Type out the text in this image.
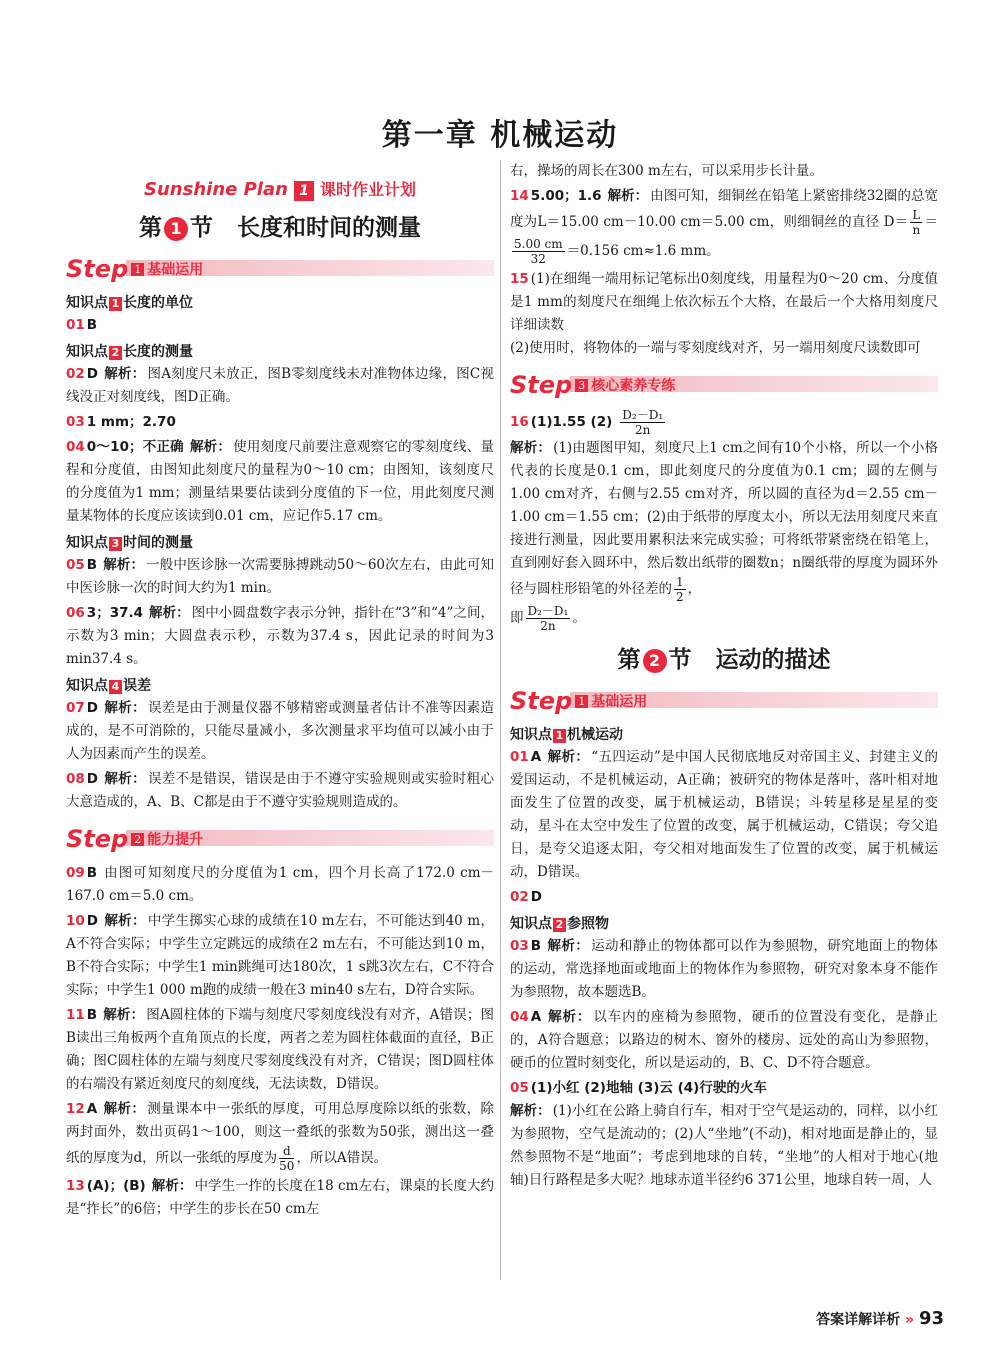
第一章 机械运动
Sunshine Plan 1 课时作业计划
第 1 节 长度和时间的测量
Step 1 基础运用
知识点 1 长度的单位
01 B
知识点 2 长度的测量
02 D 解析： 图A刻度尺未放正，图B零刻度线未对准物体边缘，图C视线没正对刻度线，图D正确。
03 1 mm；2.70
04 0～10；不正确 解析： 使用刻度尺前要注意观察它的零刻度线、量程和分度值，由图知此刻度尺的量程为0～10 cm；由图知，该刻度尺的分度值为1 mm；测量结果要估读到分度值的下一位，用此刻度尺测量某物体的长度应该读到0.01 cm，应记作5.17 cm。
知识点 3 时间的测量
05 B 解析： 一般中医诊脉一次需要脉搏跳动50～60次左右，由此可知中医诊脉一次的时间大约为1 min。
06 3；37.4 解析： 图中小圆盘数字表示分钟，指针在“3”和“4”之间，示数为3 min；大圆盘表示秒，示数为37.4 s，因此记录的时间为3 min37.4 s。
知识点 4 误差
07 D 解析： 误差是由于测量仪器不够精密或测量者估计不准等因素造成的，是不可消除的，只能尽量减小，多次测量求平均值可以减小由于人为因素而产生的误差。
08 D 解析： 误差不是错误，错误是由于不遵守实验规则或实验时粗心大意造成的，A、B、C都是由于不遵守实验规则造成的。
Step 2 能力提升
09 B 由图可知刻度尺的分度值为1 cm，四个月长高了172.0 cm－167.0 cm＝5.0 cm。
10 D 解析： 中学生掷实心球的成绩在10 m左右，不可能达到40 m，A不符合实际；中学生立定跳远的成绩在2 m左右，不可能达到10 m，B不符合实际；中学生1 min跳绳可达180次，1 s跳3次左右，C不符合实际；中学生1 000 m跑的成绩一般在3 min40 s左右，D符合实际。
11 B 解析： 图A圆柱体的下端与刻度尺零刻度线没有对齐，A错误；图B读出三角板两个直角顶点的长度，两者之差为圆柱体截面的直径，B正确；图C圆柱体的左端与刻度尺零刻度线没有对齐，C错误；图D圆柱体的右端没有紧近刻度尺的刻度线，无法读数，D错误。
12 A 解析： 测量课本中一张纸的厚度，可用总厚度除以纸的张数，除两封面外，数出页码1～100，则这一叠纸的张数为50张，测出这一叠纸的厚度为d，所以一张纸的厚度为 $\frac{d}{50}$ ，所以A错误。
13 (A)；(B) 解析： 中学生一拃的长度在18 cm左右，课桌的长度大约是“拃长”的6倍；中学生的步长在50 cm左
右，操场的周长在300 m左右，可以采用步长计量。
14 5.00；1.6 解析： 由图可知，细铜丝在铅笔上紧密排绕32圈的总宽度为L＝15.00 cm－10.00 cm＝5.00 cm，则细铜丝的直径 $D= \frac{L}{n}$ ＝
$\frac{5.00 cm}{32} =0.156$ cm≈1.6 mm。
15 (1)在细绳一端用标记笔标出0刻度线，用量程为0～20 cm、分度值是1 mm的刻度尺在细绳上依次标五个大格，在最后一个大格用刻度尺详细读数
(2)使用时，将物体的一端与零刻度线对齐，另一端用刻度尺读数即可
Step 3 核心素养专练
16 (1)1.55 $(2) \frac{\text{D₂－D₁}}{2n}$

解析： (1)由题图甲知，刻度尺上1 cm之间有10个小格，所以一个小格代表的长度是0.1 cm，即此刻度尺的分度值为0.1 cm；圆的左侧与1.00 cm对齐，右侧与2.55 cm对齐，所以圆的直径为d＝2.55 cm－1.00 cm＝1.55 cm；(2)由于纸带的厚度太小，所以无法用刻度尺来直接进行测量，因此要用累积法来完成实验；可将纸带紧密绕在铅笔上，直到刚好套入圆环中，然后数出纸带的圈数n；n圈纸带的厚度为圆环外径与圆柱形铅笔的外径差的 $\frac{1}{2}$ ，
即 $\frac{\text{D₂－D₁}}{2n}$ 。
第 2 节 运动的描述
Step 1 基础运用
知识点 1 机械运动
01 A 解析： “五四运动”是中国人民彻底地反对帝国主义、封建主义的爱国运动，不是机械运动，A正确；被研究的物体是落叶，落叶相对地面发生了位置的改变，属于机械运动，B错误；斗转星移是星星的变动，星斗在太空中发生了位置的改变，属于机械运动，C错误；夸父追日，是夸父追逐太阳，夸父相对地面发生了位置的改变，属于机械运动，D错误。
02 D
知识点 2 参照物
03 B 解析： 运动和静止的物体都可以作为参照物，研究地面上的物体的运动，常选择地面或地面上的物体作为参照物，研究对象本身不能作为参照物，故本题选B。
04 A 解析： 以车内的座椅为参照物，硬币的位置没有变化，是静止的，A符合题意；以路边的树木、窗外的楼房、远处的高山为参照物，硬币的位置时刻变化，所以是运动的，B、C、D不符合题意。
05 (1)小红 (2)地轴 (3)云 (4)行驶的火车
解析： (1)小红在公路上骑自行车，相对于空气是运动的，同样，以小红为参照物，空气是流动的；(2)人“坐地”(不动)，相对地面是静止的，显然参照物不是“地面”；考虑到地球的自转，“坐地”的人相对于地心(地轴)日行路程是多大呢？地球赤道半径约6 371公里，地球自转一周，人
答案详解详析 » 93
